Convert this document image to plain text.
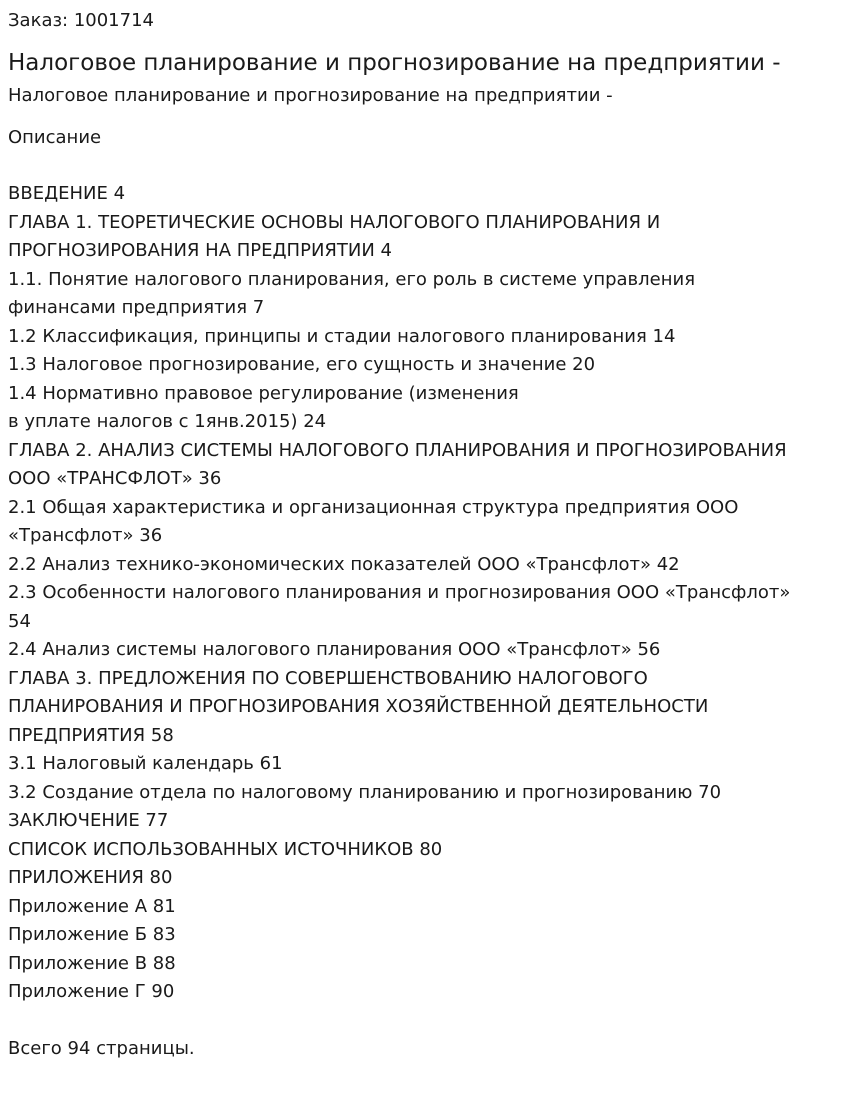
Заказ: 1001714

Налоговое планирование и прогнозирование на предприятии -

Налоговое планирование и прогнозирование на предприятии -

Описание

ВВЕДЕНИЕ 4
ГЛАВА 1. ТЕОРЕТИЧЕСКИЕ ОСНОВЫ НАЛОГОВОГО ПЛАНИРОВАНИЯ И
ПРОГНОЗИРОВАНИЯ НА ПРЕДПРИЯТИИ 4
1.1. Понятие налогового планирования, его роль в системе управления
финансами предприятия 7
1.2 Классификация, принципы и стадии налогового планирования 14
1.3 Налоговое прогнозирование, его сущность и значение 20
1.4 Нормативно правовое регулирование (изменения
в уплате налогов с 1янв.2015) 24
ГЛАВА 2. АНАЛИЗ СИСТЕМЫ НАЛОГОВОГО ПЛАНИРОВАНИЯ И ПРОГНОЗИРОВАНИЯ
ООО «ТРАНСФЛОТ» 36
2.1 Общая характеристика и организационная структура предприятия ООО
«Трансфлот» 36
2.2 Анализ технико-экономических показателей ООО «Трансфлот» 42
2.3 Особенности налогового планирования и прогнозирования ООО «Трансфлот»
54
2.4 Анализ системы налогового планирования ООО «Трансфлот» 56
ГЛАВА 3. ПРЕДЛОЖЕНИЯ ПО СОВЕРШЕНСТВОВАНИЮ НАЛОГОВОГО
ПЛАНИРОВАНИЯ И ПРОГНОЗИРОВАНИЯ ХОЗЯЙСТВЕННОЙ ДЕЯТЕЛЬНОСТИ
ПРЕДПРИЯТИЯ 58
3.1 Налоговый календарь 61
3.2 Создание отдела по налоговому планированию и прогнозированию 70
ЗАКЛЮЧЕНИЕ 77
СПИСОК ИСПОЛЬЗОВАННЫХ ИСТОЧНИКОВ 80
ПРИЛОЖЕНИЯ 80
Приложение А 81
Приложение Б 83
Приложение В 88
Приложение Г 90

Всего 94 страницы.
